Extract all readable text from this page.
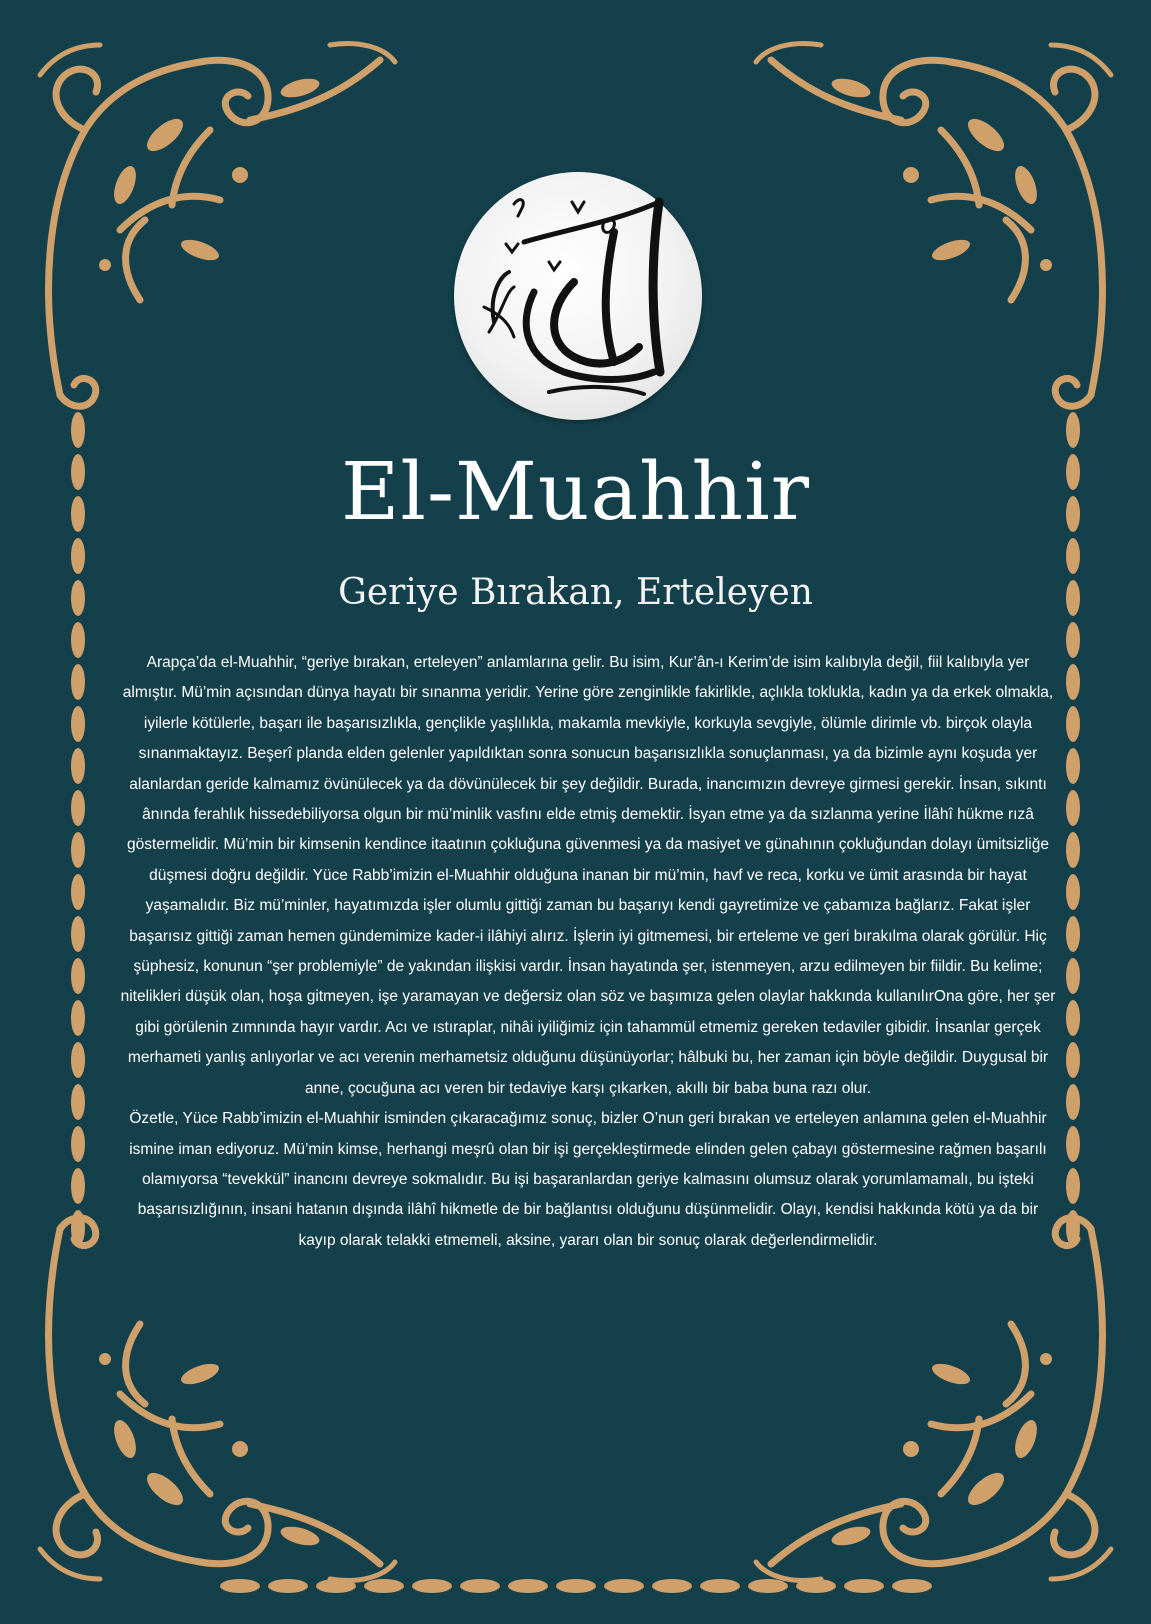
El-Muahhir
Geriye Bırakan, Erteleyen

Arapça’da el-Muahhir, “geriye bırakan, erteleyen” anlamlarına gelir. Bu isim, Kur’ân-ı Kerim’de isim kalıbıyla değil, fiil kalıbıyla yer almıştır. Mü’min açısından dünya hayatı bir sınanma yeridir. Yerine göre zenginlikle fakirlikle, açlıkla toklukla, kadın ya da erkek olmakla, iyilerle kötülerle, başarı ile başarısızlıkla, gençlikle yaşlılıkla, makamla mevkiyle, korkuyla sevgiyle, ölümle dirimle vb. birçok olayla sınanmaktayız. Beşerî planda elden gelenler yapıldıktan sonra sonucun başarısızlıkla sonuçlanması, ya da bizimle aynı koşuda yer alanlardan geride kalmamız övünülecek ya da dövünülecek bir şey değildir. Burada, inancımızın devreye girmesi gerekir. İnsan, sıkıntı ânında ferahlık hissedebiliyorsa olgun bir mü’minlik vasfını elde etmiş demektir. İsyan etme ya da sızlanma yerine İlâhî hükme rızâ göstermelidir. Mü’min bir kimsenin kendince itaatının çokluğuna güvenmesi ya da masiyet ve günahının çokluğundan dolayı ümitsizliğe düşmesi doğru değildir. Yüce Rabb’imizin el-Muahhir olduğuna inanan bir mü’min, havf ve reca, korku ve ümit arasında bir hayat yaşamalıdır. Biz mü’minler, hayatımızda işler olumlu gittiği zaman bu başarıyı kendi gayretimize ve çabamıza bağlarız. Fakat işler başarısız gittiği zaman hemen gündemimize kader-i ilâhiyi alırız. İşlerin iyi gitmemesi, bir erteleme ve geri bırakılma olarak görülür. Hiç şüphesiz, konunun “şer problemiyle” de yakından ilişkisi vardır. İnsan hayatında şer, istenmeyen, arzu edilmeyen bir fiildir. Bu kelime; nitelikleri düşük olan, hoşa gitmeyen, işe yaramayan ve değersiz olan söz ve başımıza gelen olaylar hakkında kullanılırOna göre, her şer gibi görülenin zımnında hayır vardır. Acı ve ıstıraplar, nihâi iyiliğimiz için tahammül etmemiz gereken tedaviler gibidir. İnsanlar gerçek merhameti yanlış anlıyorlar ve acı verenin merhametsiz olduğunu düşünüyorlar; hâlbuki bu, her zaman için böyle değildir. Duygusal bir anne, çocuğuna acı veren bir tedaviye karşı çıkarken, akıllı bir baba buna razı olur.

Özetle, Yüce Rabb’imizin el-Muahhir isminden çıkaracağımız sonuç, bizler O’nun geri bırakan ve erteleyen anlamına gelen el-Muahhir ismine iman ediyoruz. Mü’min kimse, herhangi meşrû olan bir işi gerçekleştirmede elinden gelen çabayı göstermesine rağmen başarılı olamıyorsa “tevekkül” inancını devreye sokmalıdır. Bu işi başaranlardan geriye kalmasını olumsuz olarak yorumlamamalı, bu işteki başarısızlığının, insani hatanın dışında ilâhî hikmetle de bir bağlantısı olduğunu düşünmelidir. Olayı, kendisi hakkında kötü ya da bir kayıp olarak telakki etmemeli, aksine, yararı olan bir sonuç olarak değerlendirmelidir.
